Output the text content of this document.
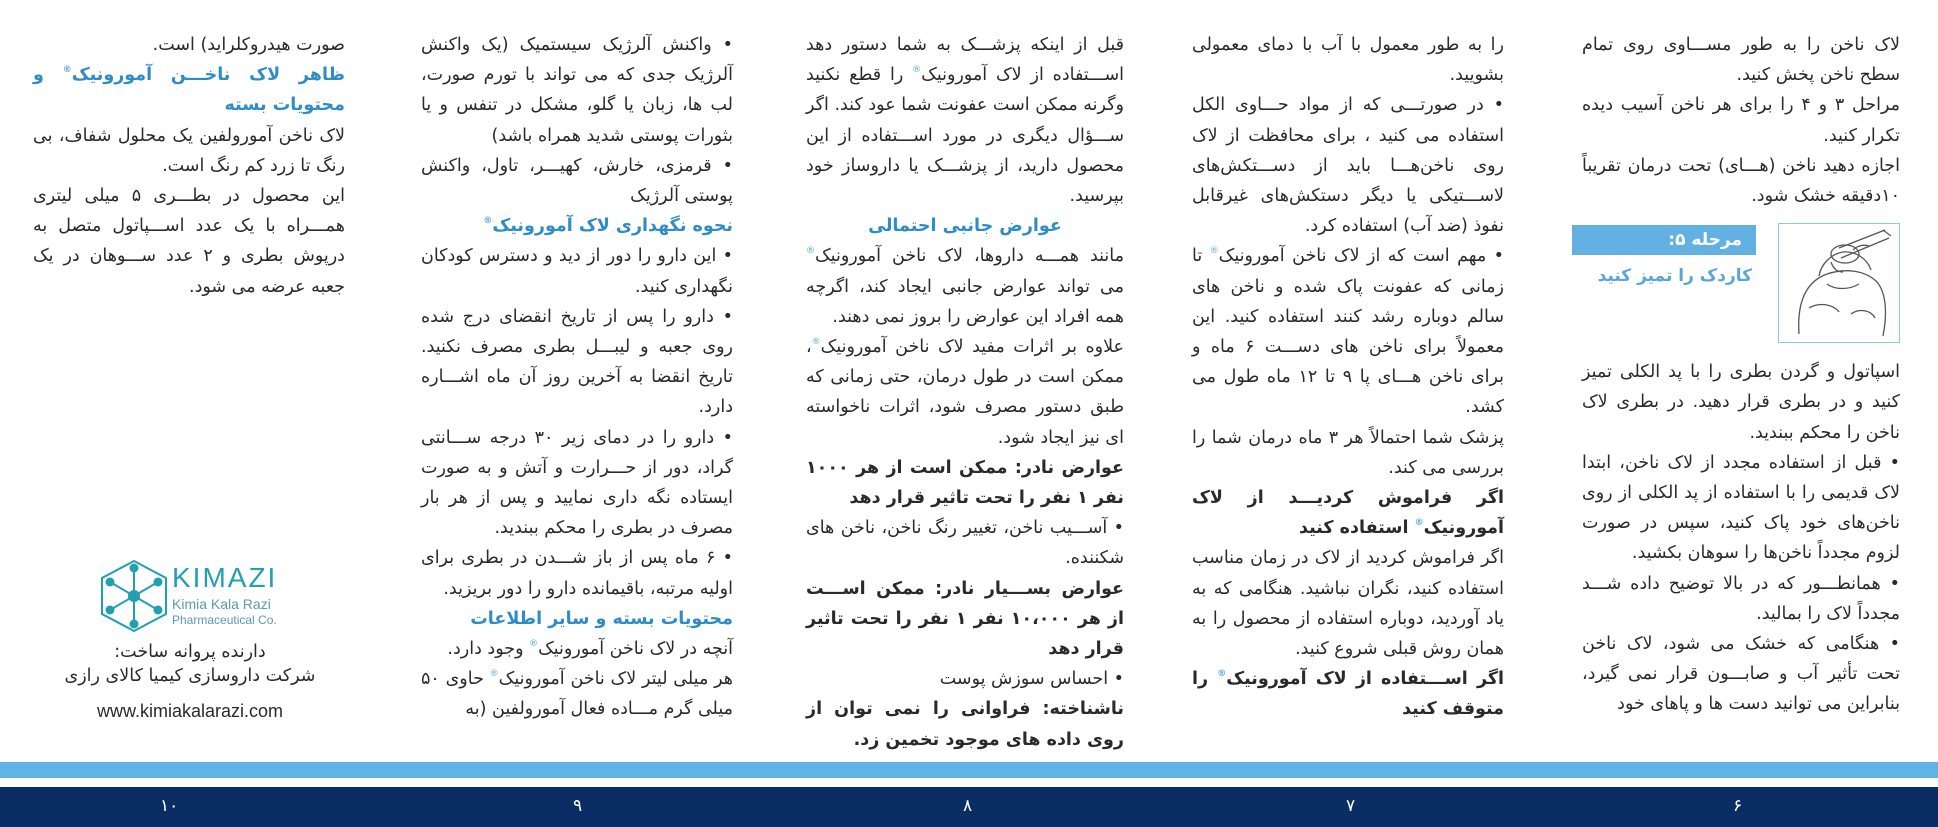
لاک ناخن را به طور مســـاوی روی تمام سطح ناخن پخش کنید.

مراحل ۳ و ۴ را برای هر ناخن آسیب دیده تکرار کنید.

اجازه دهید ناخن (هـــای) تحت درمان تقریباً ۱۰دقیقه خشک شود.

مرحله ۵:
کاردک را تمیز کنید

اسپاتول و گردن بطری را با پد الکلی تمیز کنید و در بطری قرار دهید. در بطری لاک ناخن را محکم ببندید.

• قبل از استفاده مجدد از لاک ناخن، ابتدا لاک قدیمی را با استفاده از پد الکلی از روی ناخن‌های خود پاک کنید، سپس در صورت لزوم مجدداً ناخن‌ها را سوهان بکشید.

• همانطـــور که در بالا توضیح داده شـــد مجدداً لاک را بمالید.

• هنگامی که خشک می شود، لاک ناخن تحت تأثیر آب و صابـــون قرار نمی گیرد، بنابراین می توانید دست ها و پاهای خود

را به طور معمول با آب با دمای معمولی بشویید.

• در صورتـــی که از مواد حـــاوی الکل استفاده می کنید ، برای محافظت از لاک روی ناخن‌هـــا باید از دســـتکش‌های لاســـتیکی یا دیگر دستکش‌های غیرقابل نفوذ (ضد آب) استفاده کرد.

• مهم است که از لاک ناخن آمورونیک® تا زمانی که عفونت پاک شده و ناخن های سالم دوباره رشد کنند استفاده کنید. این معمولاً برای ناخن های دســـت ۶ ماه و برای ناخن هـــای پا ۹ تا ۱۲ ماه طول می کشد.

پزشک شما احتمالاً هر ۳ ماه درمان شما را بررسی می کند.

اگر فراموش کردیـــد از لاک آمورونیک® استفاده کنید

اگر فراموش کردید از لاک در زمان مناسب استفاده کنید، نگران نباشید. هنگامی که به یاد آوردید، دوباره استفاده از محصول را به همان روش قبلی شروع کنید.

اگر اســـتفاده از لاک آمورونیک® را متوقف کنید

قبل از اینکه پزشـــک به شما دستور دهد اســـتفاده از لاک آمورونیک® را قطع نکنید وگرنه ممکن است عفونت شما عود کند. اگر ســـؤال دیگری در مورد اســـتفاده از این محصول دارید، از پزشـــک یا داروساز خود بپرسید.

عوارض جانبی احتمالی

مانند همـــه داروها، لاک ناخن آمورونیک® می تواند عوارض جانبی ایجاد کند، اگرچه همه افراد این عوارض را بروز نمی دهند.

علاوه بر اثرات مفید لاک ناخن آمورونیک®، ممکن است در طول درمان، حتی زمانی که طبق دستور مصرف شود، اثرات ناخواسته ای نیز ایجاد شود.

عوارض نادر: ممکن است از هر ۱۰۰۰ نفر ۱ نفر را تحت تاثیر قرار دهد

• آســـیب ناخن، تغییر رنگ ناخن، ناخن های شکننده.

عوارض بســـیار نادر: ممکن اســـت از هر ۱۰،۰۰۰ نفر ۱ نفر را تحت تاثیر قرار دهد

• احساس سوزش پوست

ناشناخته: فراوانی را نمی توان از روی داده های موجود تخمین زد.

• واکنش آلرژیک سیستمیک (یک واکنش آلرژیک جدی که می تواند با تورم صورت، لب ها، زبان یا گلو، مشکل در تنفس و یا بثورات پوستی شدید همراه باشد)

• قرمزی، خارش، کهیـــر، تاول، واکنش پوستی آلرژیک

نحوه نگهداری لاک آمورونیک®

• این دارو را دور از دید و دسترس کودکان نگهداری کنید.

• دارو را پس از تاریخ انقضای درج شده روی جعبه و لیبـــل بطری مصرف نکنید. تاریخ انقضا به آخرین روز آن ماه اشـــاره دارد.

• دارو را در دمای زیر ۳۰ درجه ســـانتی گراد، دور از حـــرارت و آتش و به صورت ایستاده نگه داری نمایید و پس از هر بار مصرف در بطری را محکم ببندید.

• ۶ ماه پس از باز شـــدن در بطری برای اولیه مرتبه، باقیمانده دارو را دور بریزید.

محتویات بسته و سایر اطلاعات

آنچه در لاک ناخن آمورونیک® وجود دارد.

هر میلی لیتر لاک ناخن آمورونیک® حاوی ۵۰ میلی گرم مـــاده فعال آمورولفین (به

صورت هیدروکلراید) است.

ظاهر لاک ناخـــن آمورونیک® و محتویات بسته

لاک ناخن آمورولفین یک محلول شفاف، بی رنگ تا زرد کم رنگ است.

این محصول در بطـــری ۵ میلی لیتری همـــراه با یک عدد اســـپاتول متصل به درپوش بطری و ۲ عدد ســـوهان در یک جعبه عرضه می شود.

KIMAZI
Kimia Kala Razi
Pharmaceutical Co.
دارنده پروانه ساخت:
شرکت داروسازی کیمیا کالای رازی
www.kimiakalarazi.com
۶
۷
۸
۹
۱۰
